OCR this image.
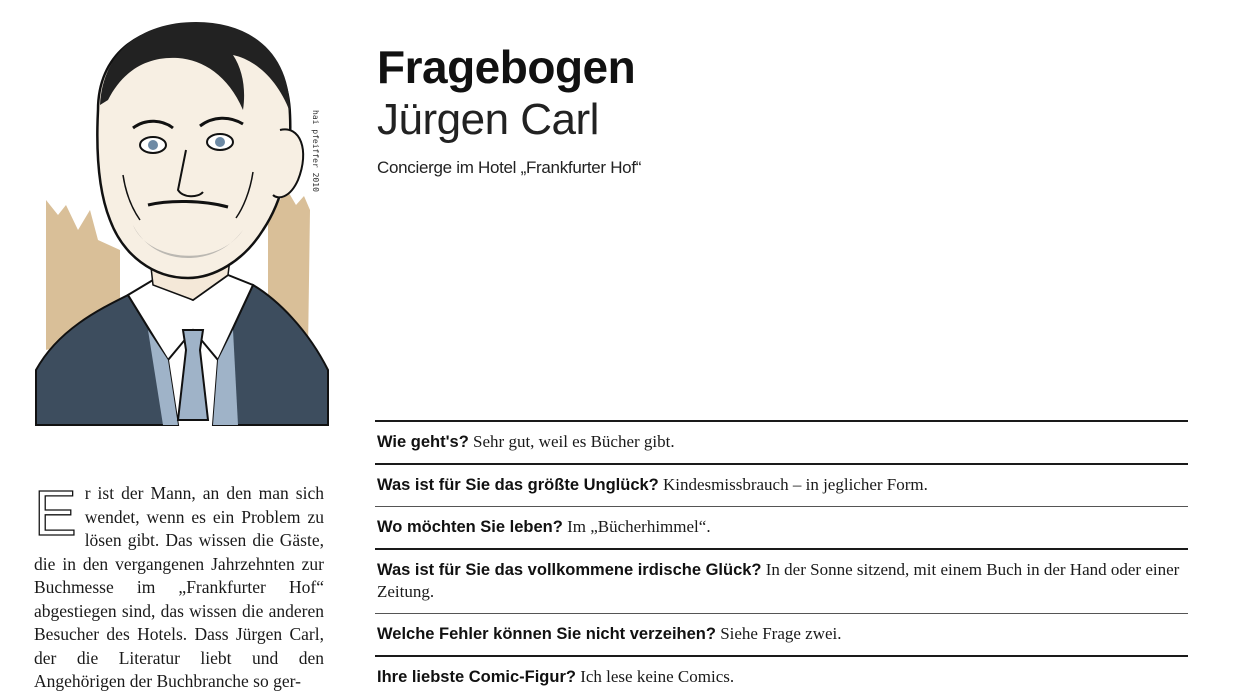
hai pfeiffer 2010
Fragebogen
Jürgen Carl
Concierge im Hotel „Frankfurter Hof“
Er ist der Mann, an den man sich wendet, wenn es ein Problem zu lösen gibt. Das wissen die Gäste, die in den vergangenen Jahrzehnten zur Buchmesse im „Frankfurter Hof“ abgestiegen sind, das wissen die anderen Besucher des Hotels. Dass Jürgen Carl, der die Literatur liebt und den Angehörigen der Buchbranche so ger-
Wie geht's? Sehr gut, weil es Bücher gibt.
Was ist für Sie das größte Unglück? Kindesmissbrauch – in jeglicher Form.
Wo möchten Sie leben? Im „Bücherhimmel“.
Was ist für Sie das vollkommene irdische Glück? In der Sonne sitzend, mit einem Buch in der Hand oder einer Zeitung.
Welche Fehler können Sie nicht verzeihen? Siehe Frage zwei.
Ihre liebste Comic-Figur? Ich lese keine Comics.
